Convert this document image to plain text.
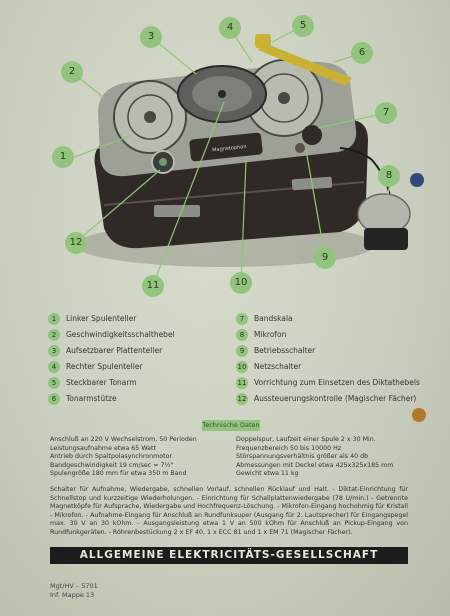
Magnetophon
1
2
3
4	5
6
7
8
9
10
11
12
1 Linker Spulenteller
2 Geschwindigkeitsschalthebel
3 Aufsetzbarer Plattenteller
4 Rechter Spulenteller
5 Steckbarer Tonarm
6 Tonarmstütze
7 Bandskala
8 Mikrofon
9 Betriebsschalter
10 Netzschalter
11 Vorrichtung zum Einsetzen des Diktathebels
12 Aussteuerungskontrolle (Magischer Fächer)
Technische Daten
Anschluß an 220 V Wechselstrom, 50 Perioden
Leistungsaufnahme etwa 65 Watt
Antrieb durch Spaltpolasynchronmotor
Bandgeschwindigkeit 19 cm/sec = 7½"
Spulengröße 180 mm für etwa 350 m Band
Doppelspur, Laufzeit einer Spule 2 x 30 Min.
Frequenzbereich 50 bis 10000 Hz
Störspannungsverhältnis größer als 40 db
Abmessungen mit Deckel etwa 425x325x185 mm
Gewicht etwa 11 kg
Schalter für Aufnahme, Wiedergabe, schnellen Vorlauf, schnellen Rücklauf und Halt. - Diktat-Einrichtung für Schnellstop und kurzzeitige Wiederholungen. - Einrichtung für Schallplattenwiedergabe (78 U/min.) - Getrennte Magnetköpfe für Aufsprache, Wiedergabe und Hochfrequenz-Löschung. - Mikrofon-Eingang hochohmig für Kristall - Mikrofon. - Aufnahme-Eingang für Anschluß an Rundfunksuper (Ausgang für 2. Lautsprecher) für Eingangspegel max. 30 V an 30 kOhm. - Ausgangsleistung etwa 1 V an 500 kOhm für Anschluß an Pickup-Eingang von Rundfunkgeräten. - Röhrenbestückung 2 x EF 40, 1 x ECC 81 und 1 x EM 71 (Magischer Fächer).
ALLGEMEINE ELEKTRICITÄTS-GESELLSCHAFT
Mgt/HV – 5701
Inf. Mappe 13
